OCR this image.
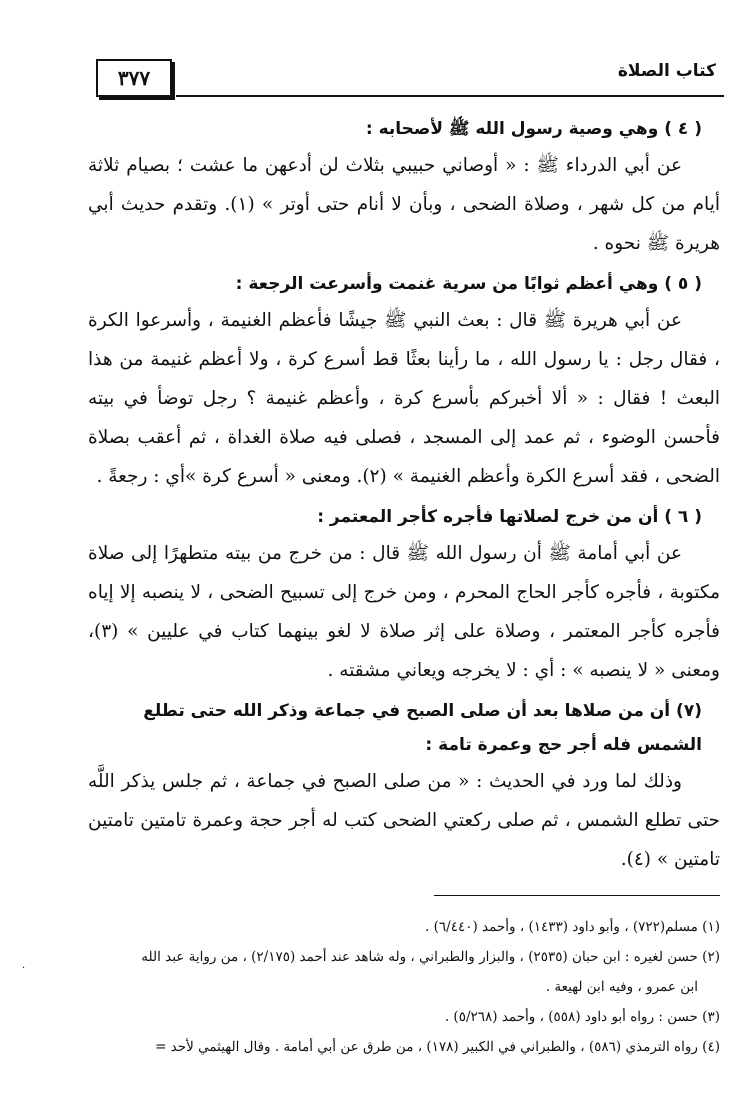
كتاب الصلاة
٣٧٧
( ٤ ) وهي وصية رسول الله ﷺ لأصحابه :

عن أبي الدرداء ﷺ : « أوصاني حبيبي بثلاث لن أدعهن ما عشت ؛ بصيام ثلاثة أيام من كل شهر ، وصلاة الضحى ، وبأن لا أنام حتى أوتر » (١). وتقدم حديث أبي هريرة ﷺ نحوه .

( ٥ ) وهي أعظم ثوابًا من سرية غنمت وأسرعت الرجعة :

عن أبي هريرة ﷺ قال : بعث النبي ﷺ جيشًا فأعظم الغنيمة ، وأسرعوا الكرة ، فقال رجل : يا رسول الله ، ما رأينا بعثًا قط أسرع كرة ، ولا أعظم غنيمة من هذا البعث ! فقال : « ألا أخبركم بأسرع كرة ، وأعظم غنيمة ؟ رجل توضأ في بيته فأحسن الوضوء ، ثم عمد إلى المسجد ، فصلى فيه صلاة الغداة ، ثم أعقب بصلاة الضحى ، فقد أسرع الكرة وأعظم الغنيمة » (٢). ومعنى « أسرع كرة »أي : رجعةً .

( ٦ ) أن من خرج لصلاتها فأجره كأجر المعتمر :

عن أبي أمامة ﷺ أن رسول الله ﷺ قال : من خرج من بيته متطهرًا إلى صلاة مكتوبة ، فأجره كأجر الحاج المحرم ، ومن خرج إلى تسبيح الضحى ، لا ينصبه إلا إياه فأجره كأجر المعتمر ، وصلاة على إثر صلاة لا لغو بينهما كتاب في عليين » (٣)، ومعنى « لا ينصبه » : أي : لا يخرجه ويعاني مشقته .

(٧) أن من صلاها بعد أن صلى الصبح في جماعة وذكر الله حتى تطلع الشمس فله أجر حج وعمرة تامة :

وذلك لما ورد في الحديث : « من صلى الصبح في جماعة ، ثم جلس يذكر اللَّه حتى تطلع الشمس ، ثم صلى ركعتي الضحى كتب له أجر حجة وعمرة تامتين تامتين تامتين » (٤).

(١) مسلم(٧٢٢) ، وأبو داود (١٤٣٣) ، وأحمد (٦/٤٤٠) .

(٢) حسن لغيره : ابن حبان (٢٥٣٥) ، والبزار والطبراني ، وله شاهد عند أحمد (٢/١٧٥) ، من رواية عبد الله

ابن عمرو ، وفيه ابن لهيعة .

(٣) حسن : رواه أبو داود (٥٥٨) ، وأحمد (٥/٢٦٨) .

(٤) رواه الترمذي (٥٨٦) ، والطبراني في الكبير (١٧٨) ، من طرق عن أبي أمامة . وقال الهيثمي لأحد =

·
